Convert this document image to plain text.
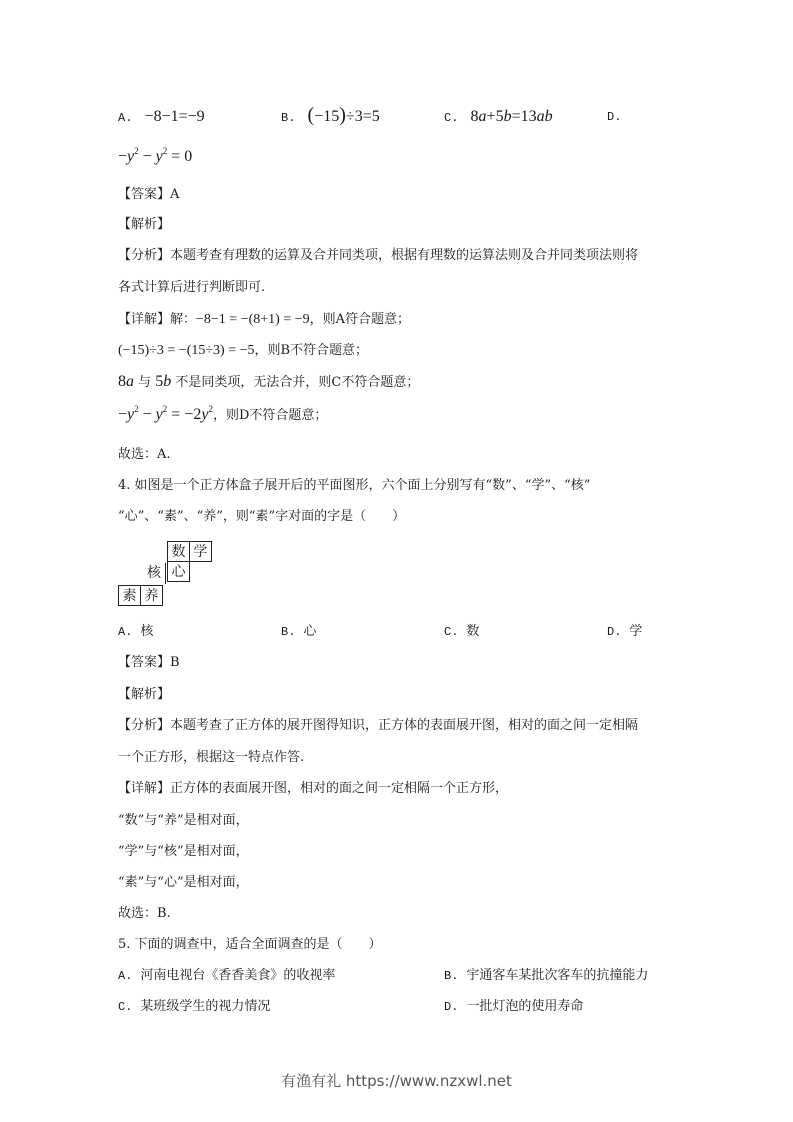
A. −8−1=−9	B. (−15)÷3=5	C. 8a+5b=13ab	D.
$-y^2 - y^2 = 0$
【答案】A
【解析】
【分析】本题考查有理数的运算及合并同类项，根据有理数的运算法则及合并同类项法则将
各式计算后进行判断即可.
【详解】解：−8−1 = −(8+1) = −9，则A符合题意；
(−15)÷3 = −(15÷3) = −5，则B不符合题意；
8a 与 5b 不是同类项，无法合并，则C不符合题意；
$-y^2 - y^2 = -2y^2$，则D不符合题意；
故选：A.
4. 如图是一个正方体盒子展开后的平面图形，六个面上分别写有“数”、“学”、“核”
“心”、“素”、“养”，则“素”字对面的字是（　　）
数 学
核 心
素 养
A. 核	B. 心	C. 数	D. 学
【答案】B
【解析】
【分析】本题考查了正方体的展开图得知识，正方体的表面展开图，相对的面之间一定相隔
一个正方形，根据这一特点作答.
【详解】正方体的表面展开图，相对的面之间一定相隔一个正方形，
“数”与“养”是相对面，
“学”与“核”是相对面，
“素”与“心”是相对面，
故选：B.
5. 下面的调查中，适合全面调查的是（　　）
A. 河南电视台《香香美食》的收视率	B. 宇通客车某批次客车的抗撞能力
C. 某班级学生的视力情况	D. 一批灯泡的使用寿命
有渔有礼 https://www.nzxwl.net
